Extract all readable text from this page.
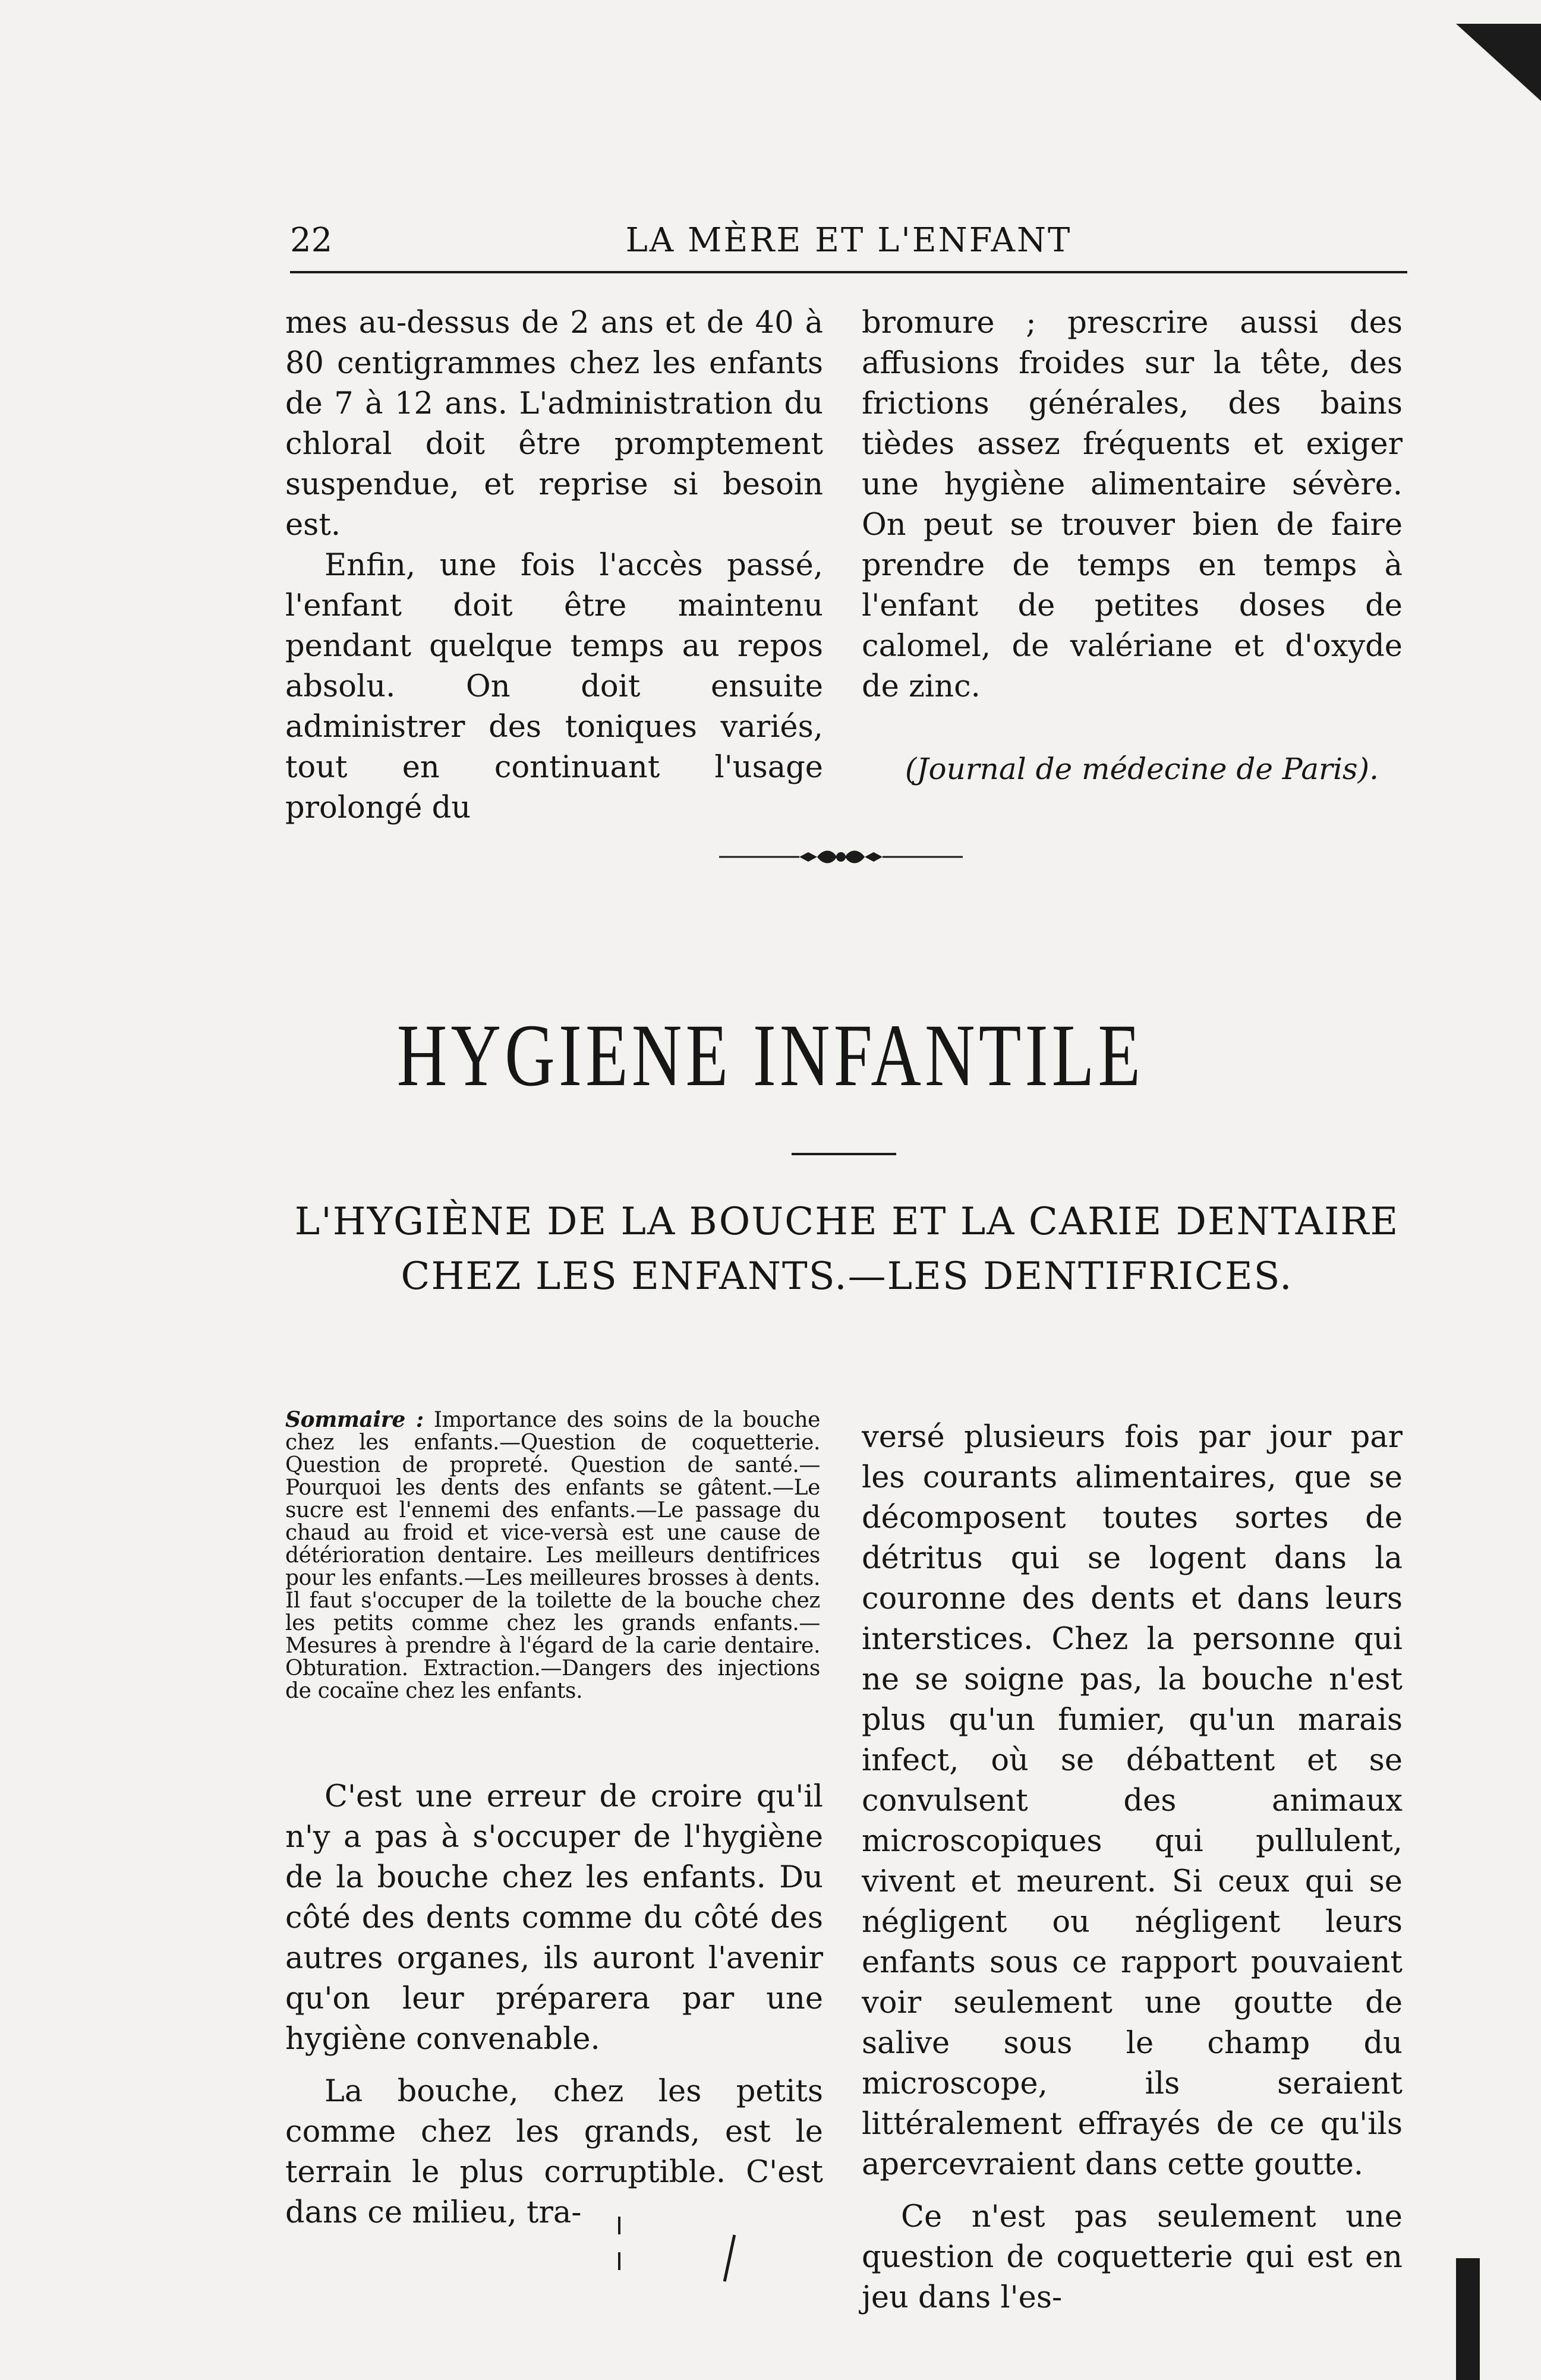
22	LA MÈRE ET L'ENFANT

mes au-dessus de 2 ans et de 40 à 80 centigrammes chez les enfants de 7 à 12 ans. L'administration du chloral doit être promptement suspendue, et reprise si besoin est.

Enfin, une fois l'accès passé, l'enfant doit être maintenu pendant quelque temps au repos absolu. On doit ensuite administrer des toniques variés, tout en continuant l'usage prolongé du

bromure ; prescrire aussi des affusions froides sur la tête, des frictions générales, des bains tièdes assez fréquents et exiger une hygiène alimentaire sévère. On peut se trouver bien de faire prendre de temps en temps à l'enfant de petites doses de calomel, de valériane et d'oxyde de zinc.

(Journal de médecine de Paris).

HYGIENE INFANTILE
L'HYGIÈNE DE LA BOUCHE ET LA CARIE DENTAIRE
CHEZ LES ENFANTS.—LES DENTIFRICES.
Sommaire : Importance des soins de la bouche chez les enfants.—Question de coquetterie. Question de propreté. Question de santé.—Pourquoi les dents des enfants se gâtent.—Le sucre est l'ennemi des enfants.—Le passage du chaud au froid et vice-versà est une cause de détérioration dentaire. Les meilleurs dentifrices pour les enfants.—Les meilleures brosses à dents. Il faut s'occuper de la toilette de la bouche chez les petits comme chez les grands enfants.—Mesures à prendre à l'égard de la carie dentaire. Obturation. Extraction.—Dangers des injections de cocaïne chez les enfants.

C'est une erreur de croire qu'il n'y a pas à s'occuper de l'hygiène de la bouche chez les enfants. Du côté des dents comme du côté des autres organes, ils auront l'avenir qu'on leur préparera par une hygiène convenable.

La bouche, chez les petits comme chez les grands, est le terrain le plus corruptible. C'est dans ce milieu, tra-

versé plusieurs fois par jour par les courants alimentaires, que se décomposent toutes sortes de détritus qui se logent dans la couronne des dents et dans leurs interstices. Chez la personne qui ne se soigne pas, la bouche n'est plus qu'un fumier, qu'un marais infect, où se débattent et se convulsent des animaux microscopiques qui pullulent, vivent et meurent. Si ceux qui se négligent ou négligent leurs enfants sous ce rapport pouvaient voir seulement une goutte de salive sous le champ du microscope, ils seraient littéralement effrayés de ce qu'ils apercevraient dans cette goutte.

Ce n'est pas seulement une question de coquetterie qui est en jeu dans l'es-
